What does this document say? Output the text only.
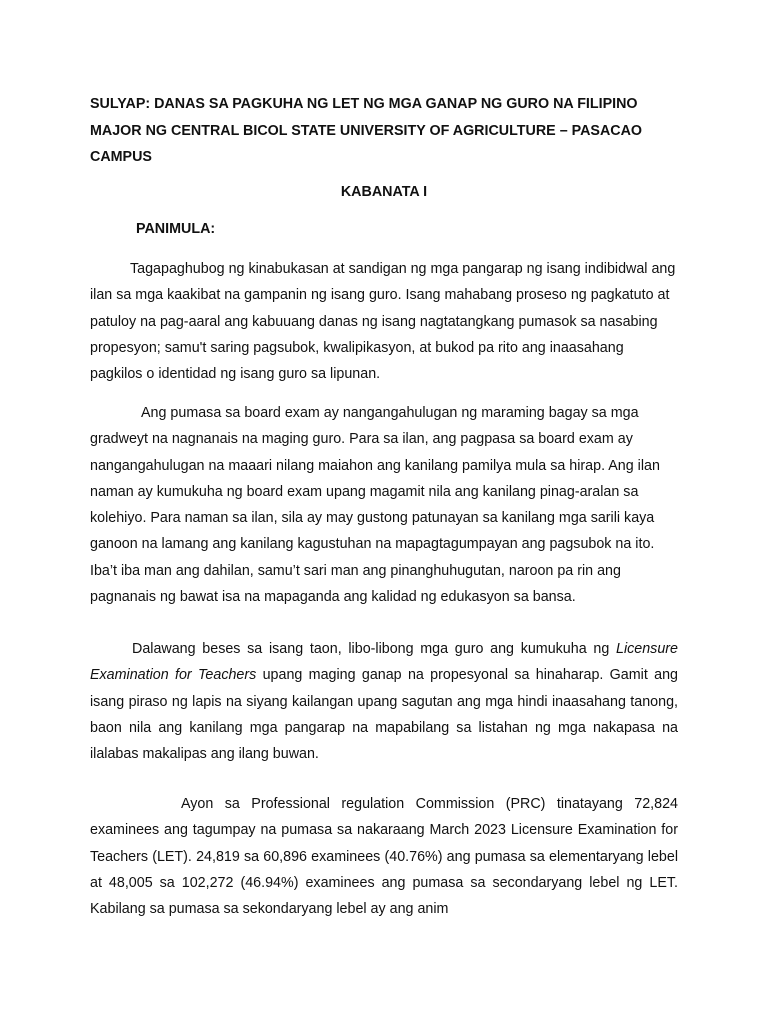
SULYAP: DANAS SA PAGKUHA NG LET NG MGA GANAP NG GURO NA FILIPINO MAJOR NG CENTRAL BICOL STATE UNIVERSITY OF AGRICULTURE – PASACAO CAMPUS
KABANATA I
PANIMULA:

Tagapaghubog ng kinabukasan at sandigan ng mga pangarap ng isang indibidwal ang ilan sa mga kaakibat na gampanin ng isang guro. Isang mahabang proseso ng pagkatuto at patuloy na pag-aaral ang kabuuang danas ng isang nagtatangkang pumasok sa nasabing propesyon; samu't saring pagsubok, kwalipikasyon, at bukod pa rito ang inaasahang pagkilos o identidad ng isang guro sa lipunan.

Ang pumasa sa board exam ay nangangahulugan ng maraming bagay sa mga gradweyt na nagnanais na maging guro. Para sa ilan, ang pagpasa sa board exam ay nangangahulugan na maaari nilang maiahon ang kanilang pamilya mula sa hirap. Ang ilan naman ay kumukuha ng board exam upang magamit nila ang kanilang pinag-aralan sa kolehiyo. Para naman sa ilan, sila ay may gustong patunayan sa kanilang mga sarili kaya ganoon na lamang ang kanilang kagustuhan na mapagtagumpayan ang pagsubok na ito. Iba’t iba man ang dahilan, samu’t sari man ang pinanghuhugutan, naroon pa rin ang pagnanais ng bawat isa na mapaganda ang kalidad ng edukasyon sa bansa.

Dalawang beses sa isang taon, libo-libong mga guro ang kumukuha ng Licensure Examination for Teachers upang maging ganap na propesyonal sa hinaharap. Gamit ang isang piraso ng lapis na siyang kailangan upang sagutan ang mga hindi inaasahang tanong, baon nila ang kanilang mga pangarap na mapabilang sa listahan ng mga nakapasa na ilalabas makalipas ang ilang buwan.

Ayon sa Professional regulation Commission (PRC) tinatayang 72,824 examinees ang tagumpay na pumasa sa nakaraang March 2023 Licensure Examination for Teachers (LET). 24,819 sa 60,896 examinees (40.76%) ang pumasa sa elementaryang lebel at 48,005 sa 102,272 (46.94%) examinees ang pumasa sa secondaryang lebel ng LET. Kabilang sa pumasa sa sekondaryang lebel ay ang anim
